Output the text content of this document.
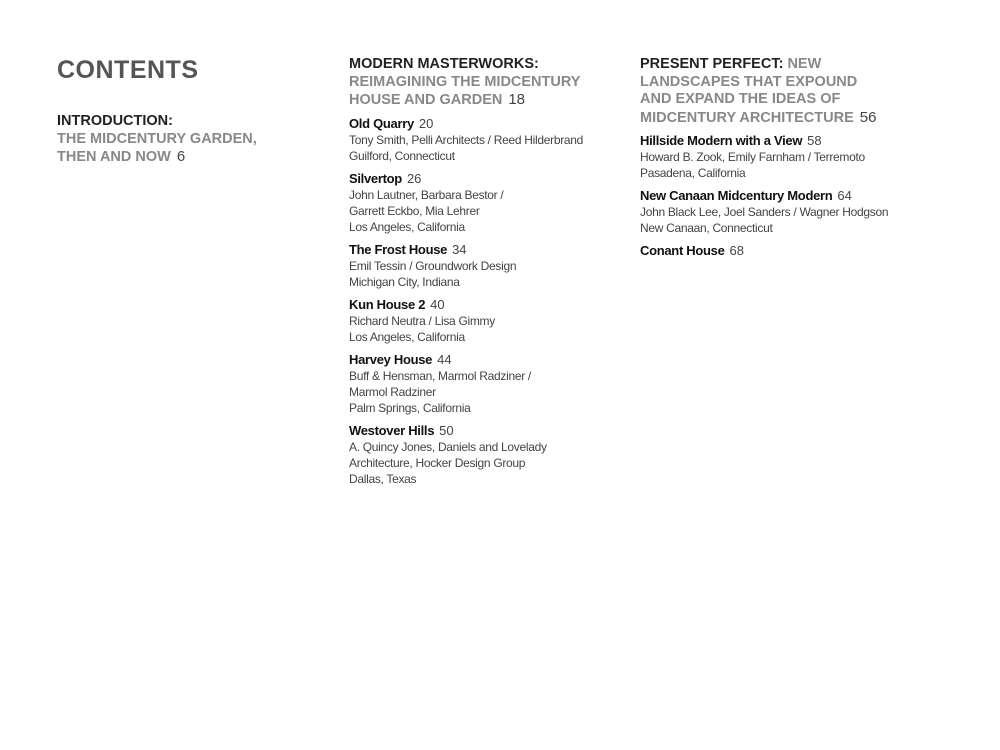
CONTENTS
INTRODUCTION:
THE MIDCENTURY GARDEN,
THEN AND NOW 6
MODERN MASTERWORKS:
REIMAGINING THE MIDCENTURY
HOUSE AND GARDEN 18
Old Quarry 20
Tony Smith, Pelli Architects / Reed Hilderbrand
Guilford, Connecticut
Silvertop 26
John Lautner, Barbara Bestor /
Garrett Eckbo, Mia Lehrer
Los Angeles, California
The Frost House 34
Emil Tessin / Groundwork Design
Michigan City, Indiana
Kun House 2 40
Richard Neutra / Lisa Gimmy
Los Angeles, California
Harvey House 44
Buff & Hensman, Marmol Radziner /
Marmol Radziner
Palm Springs, California
Westover Hills 50
A. Quincy Jones, Daniels and Lovelady
Architecture, Hocker Design Group
Dallas, Texas
PRESENT PERFECT: NEW
LANDSCAPES THAT EXPOUND
AND EXPAND THE IDEAS OF
MIDCENTURY ARCHITECTURE 56
Hillside Modern with a View 58
Howard B. Zook, Emily Farnham / Terremoto
Pasadena, California
New Canaan Midcentury Modern 64
John Black Lee, Joel Sanders / Wagner Hodgson
New Canaan, Connecticut
Conant House 68
